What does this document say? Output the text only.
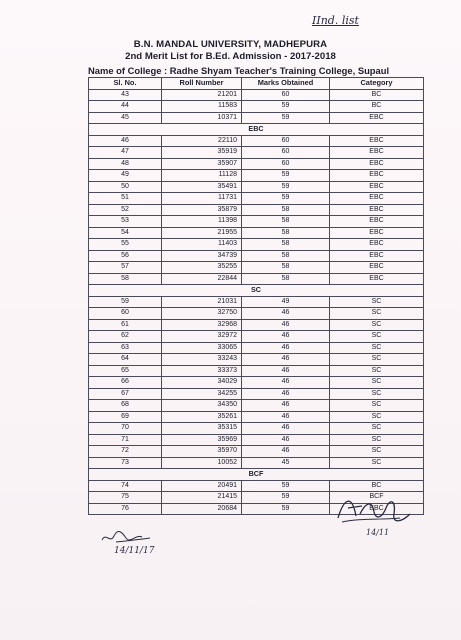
IInd. list
B.N. MANDAL UNIVERSITY, MADHEPURA
2nd Merit List for B.Ed. Admission - 2017-2018
Name of College : Radhe Shyam Teacher's Training College, Supaul
Sl. No.	Roll Number	Marks Obtained	Category
43	21201	60	BC
44	11583	59	BC
45	10371	59	EBC
EBC			
46	22110	60	EBC
47	35919	60	EBC
48	35907	60	EBC
49	11128	59	EBC
50	35491	59	EBC
51	11731	59	EBC
52	35879	58	EBC
53	11398	58	EBC
54	21955	58	EBC
55	11403	58	EBC
56	34739	58	EBC
57	35255	58	EBC
58	22844	58	EBC
SC			
59	21031	49	SC
60	32750	46	SC
61	32968	46	SC
62	32972	46	SC
63	33065	46	SC
64	33243	46	SC
65	33373	46	SC
66	34029	46	SC
67	34255	46	SC
68	34350	46	SC
69	35261	46	SC
70	35315	46	SC
71	35969	46	SC
72	35970	46	SC
73	10052	45	SC
BCF			
74	20491	59	BC
75	21415	59	BCF
76	20684	59	EBC
14/11/17
14/11
